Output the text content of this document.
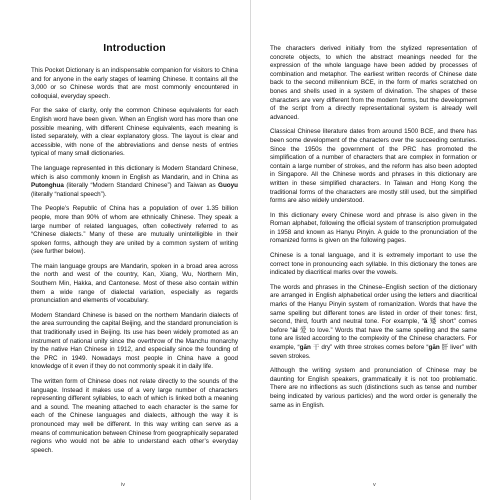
Introduction

This Pocket Dictionary is an indispensable companion for visitors to China and for anyone in the early stages of learning Chinese. It contains all the 3,000 or so Chinese words that are most commonly encountered in colloquial, everyday speech.

For the sake of clarity, only the common Chinese equivalents for each English word have been given. When an English word has more than one possible meaning, with different Chinese equivalents, each meaning is listed separately, with a clear explanatory gloss. The layout is clear and accessible, with none of the abbreviations and dense nests of entries typical of many small dictionaries.

The language represented in this dictionary is Modern Standard Chinese, which is also commonly known in English as Mandarin, and in China as Putonghua (literally “Modern Standard Chinese”) and Taiwan as Guoyu (literally “national speech”).

The People’s Republic of China has a population of over 1.35 billion people, more than 90% of whom are ethnically Chinese. They speak a large number of related languages, often collectively referred to as “Chinese dialects.” Many of these are mutually unintelligible in their spoken forms, although they are united by a common system of writing (see further below).

The main language groups are Mandarin, spoken in a broad area across the north and west of the country, Kan, Xiang, Wu, Northern Min, Southern Min, Hakka, and Cantonese. Most of these also contain within them a wide range of dialectal variation, especially as regards pronunciation and elements of vocabulary.

Modern Standard Chinese is based on the northern Mandarin dialects of the area surrounding the capital Beijing, and the standard pronunciation is that traditionally used in Beijing. Its use has been widely promoted as an instrument of national unity since the overthrow of the Manchu monarchy by the native Han Chinese in 1912, and especially since the founding of the PRC in 1949. Nowadays most people in China have a good knowledge of it even if they do not commonly speak it in daily life.

The written form of Chinese does not relate directly to the sounds of the language. Instead it makes use of a very large number of characters representing different syllables, to each of which is linked both a meaning and a sound. The meaning attached to each character is the same for each of the Chinese languages and dialects, although the way it is pronounced may well be different. In this way writing can serve as a means of communication between Chinese from geographically separated regions who would not be able to understand each other’s everyday speech.

The characters derived initially from the stylized representation of concrete objects, to which the abstract meanings needed for the expression of the whole language have been added by processes of combination and metaphor. The earliest written records of Chinese date back to the second millennium BCE, in the form of marks scratched on bones and shells used in a system of divination. The shapes of these characters are very different from the modern forms, but the development of the script from a directly representational system is already well advanced.

Classical Chinese literature dates from around 1500 BCE, and there has been some development of the characters over the succeeding centuries. Since the 1950s the government of the PRC has promoted the simplification of a number of characters that are complex in formation or contain a large number of strokes, and the reform has also been adopted in Singapore. All the Chinese words and phrases in this dictionary are written in these simplified characters. In Taiwan and Hong Kong the traditional forms of the characters are mostly still used, but the simplified forms are also widely understood.

In this dictionary every Chinese word and phrase is also given in the Roman alphabet, following the official system of transcription promulgated in 1958 and known as Hanyu Pinyin. A guide to the pronunciation of the romanized forms is given on the following pages.

Chinese is a tonal language, and it is extremely important to use the correct tone in pronouncing each syllable. In this dictionary the tones are indicated by diacritical marks over the vowels.

The words and phrases in the Chinese–English section of the dictionary are arranged in English alphabetical order using the letters and diacritical marks of the Hanyu Pinyin system of romanization. Words that have the same spelling but different tones are listed in order of their tones: first, second, third, fourth and neutral tone. For example, “ǎ 矮 short” comes before “ài 爱 to love.” Words that have the same spelling and the same tone are listed according to the complexity of the Chinese characters. For example, “gān 干 dry” with three strokes comes before “gān 肝 liver” with seven strokes.

Although the writing system and pronunciation of Chinese may be daunting for English speakers, grammatically it is not too problematic. There are no inflections as such (distinctions such as tense and number being indicated by various particles) and the word order is generally the same as in English.

iv	v
